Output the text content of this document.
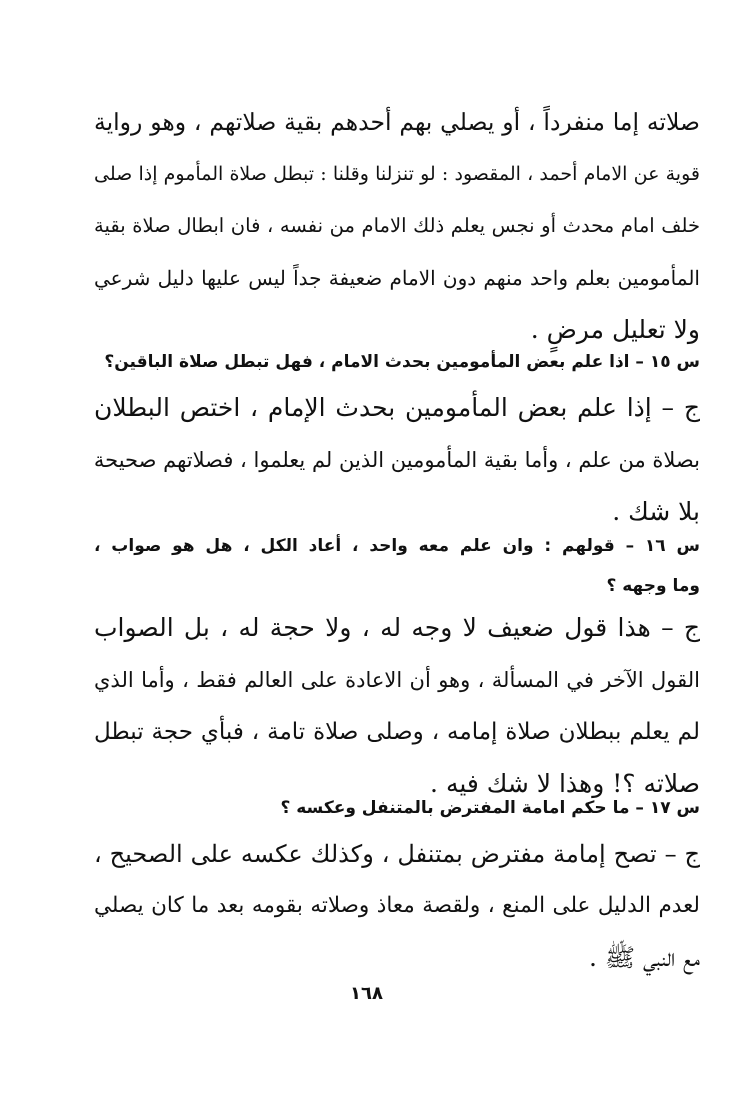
صلاته إما منفرداً ، أو يصلي بهم أحدهم بقية صلاتهم ، وهو رواية
قوية عن الامام أحمد ، المقصود : لو تنزلنا وقلنا : تبطل صلاة المأموم إذا صلى
خلف امام محدث أو نجس يعلم ذلك الامام من نفسه ، فان ابطال صلاة بقية
المأمومين بعلم واحد منهم دون الامام ضعيفة جداً ليس عليها دليل شرعي
ولا تعليل مرضٍ .
س ١٥ – اذا علم بعض المأمومين بحدث الامام ، فهل تبطل صلاة الباقين؟
ج – إذا علم بعض المأمومين بحدث الإمام ، اختص البطلان
بصلاة من علم ، وأما بقية المأمومين الذين لم يعلموا ، فصلاتهم صحيحة
بلا شك .
س ١٦ – قولهم : وان علم معه واحد ، أعاد الكل ، هل هو صواب ،
وما وجهه ؟
ج – هذا قول ضعيف لا وجه له ، ولا حجة له ، بل الصواب
القول الآخر في المسألة ، وهو أن الاعادة على العالم فقط ، وأما الذي
لم يعلم ببطلان صلاة إمامه ، وصلى صلاة تامة ، فبأي حجة تبطل
صلاته ؟! وهذا لا شك فيه .
س ١٧ – ما حكم امامة المفترض بالمتنفل وعكسه ؟
ج – تصح إمامة مفترض بمتنفل ، وكذلك عكسه على الصحيح ،
لعدم الدليل على المنع ، ولقصة معاذ وصلاته بقومه بعد ما كان يصلي
مع النبي ﷺ .
١٦٨
